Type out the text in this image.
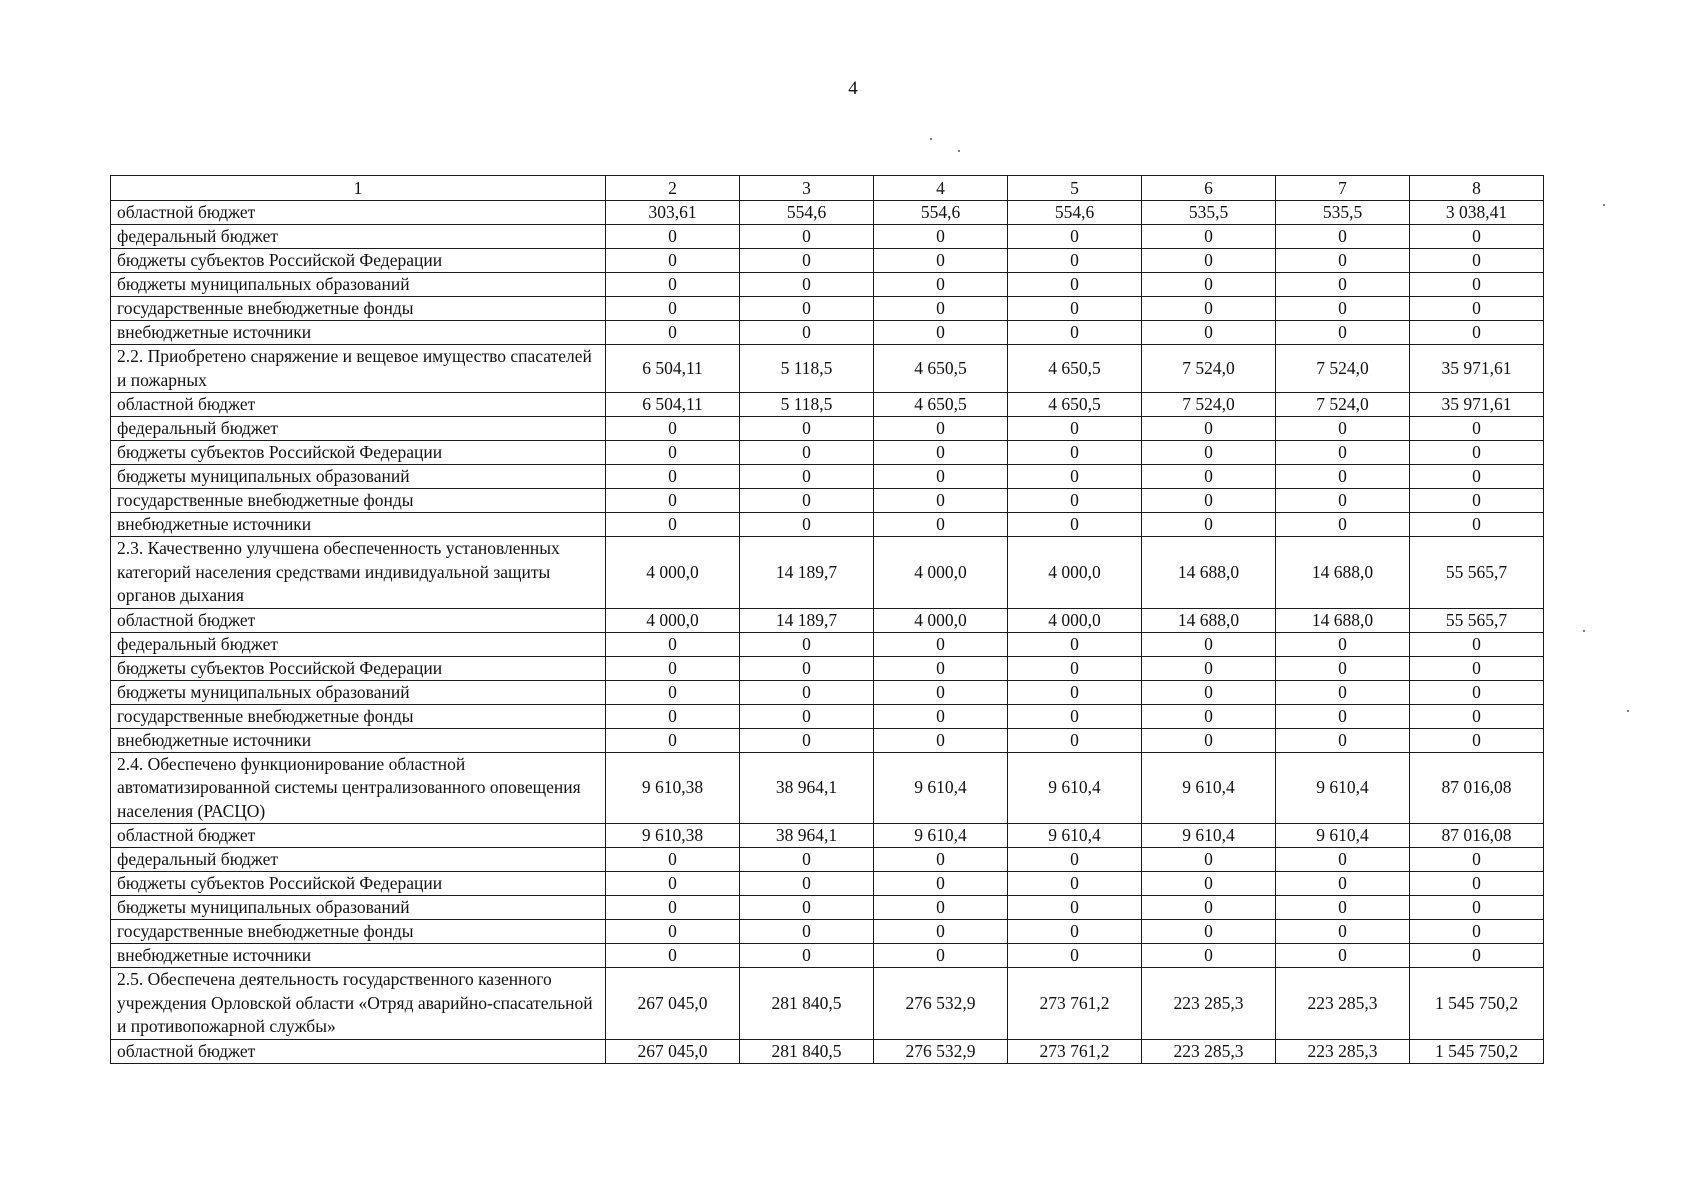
4
1	2	3	4	5	6	7	8
областной бюджет	303,61	554,6	554,6	554,6	535,5	535,5	3 038,41
федеральный бюджет	0	0	0	0	0	0	0
бюджеты субъектов Российской Федерации	0	0	0	0	0	0	0
бюджеты муниципальных образований	0	0	0	0	0	0	0
государственные внебюджетные фонды	0	0	0	0	0	0	0
внебюджетные источники	0	0	0	0	0	0	0
2.2. Приобретено снаряжение и вещевое имущество спасателей и пожарных	6 504,11	5 118,5	4 650,5	4 650,5	7 524,0	7 524,0	35 971,61
областной бюджет	6 504,11	5 118,5	4 650,5	4 650,5	7 524,0	7 524,0	35 971,61
федеральный бюджет	0	0	0	0	0	0	0
бюджеты субъектов Российской Федерации	0	0	0	0	0	0	0
бюджеты муниципальных образований	0	0	0	0	0	0	0
государственные внебюджетные фонды	0	0	0	0	0	0	0
внебюджетные источники	0	0	0	0	0	0	0
2.3. Качественно улучшена обеспеченность установленных категорий населения средствами индивидуальной защиты органов дыхания	4 000,0	14 189,7	4 000,0	4 000,0	14 688,0	14 688,0	55 565,7
областной бюджет	4 000,0	14 189,7	4 000,0	4 000,0	14 688,0	14 688,0	55 565,7
федеральный бюджет	0	0	0	0	0	0	0
бюджеты субъектов Российской Федерации	0	0	0	0	0	0	0
бюджеты муниципальных образований	0	0	0	0	0	0	0
государственные внебюджетные фонды	0	0	0	0	0	0	0
внебюджетные источники	0	0	0	0	0	0	0
2.4. Обеспечено функционирование областной автоматизированной системы централизованного оповещения населения (РАСЦО)	9 610,38	38 964,1	9 610,4	9 610,4	9 610,4	9 610,4	87 016,08
областной бюджет	9 610,38	38 964,1	9 610,4	9 610,4	9 610,4	9 610,4	87 016,08
федеральный бюджет	0	0	0	0	0	0	0
бюджеты субъектов Российской Федерации	0	0	0	0	0	0	0
бюджеты муниципальных образований	0	0	0	0	0	0	0
государственные внебюджетные фонды	0	0	0	0	0	0	0
внебюджетные источники	0	0	0	0	0	0	0
2.5. Обеспечена деятельность государственного казенного учреждения Орловской области «Отряд аварийно-спасательной и противопожарной службы»	267 045,0	281 840,5	276 532,9	273 761,2	223 285,3	223 285,3	1 545 750,2
областной бюджет	267 045,0	281 840,5	276 532,9	273 761,2	223 285,3	223 285,3	1 545 750,2
